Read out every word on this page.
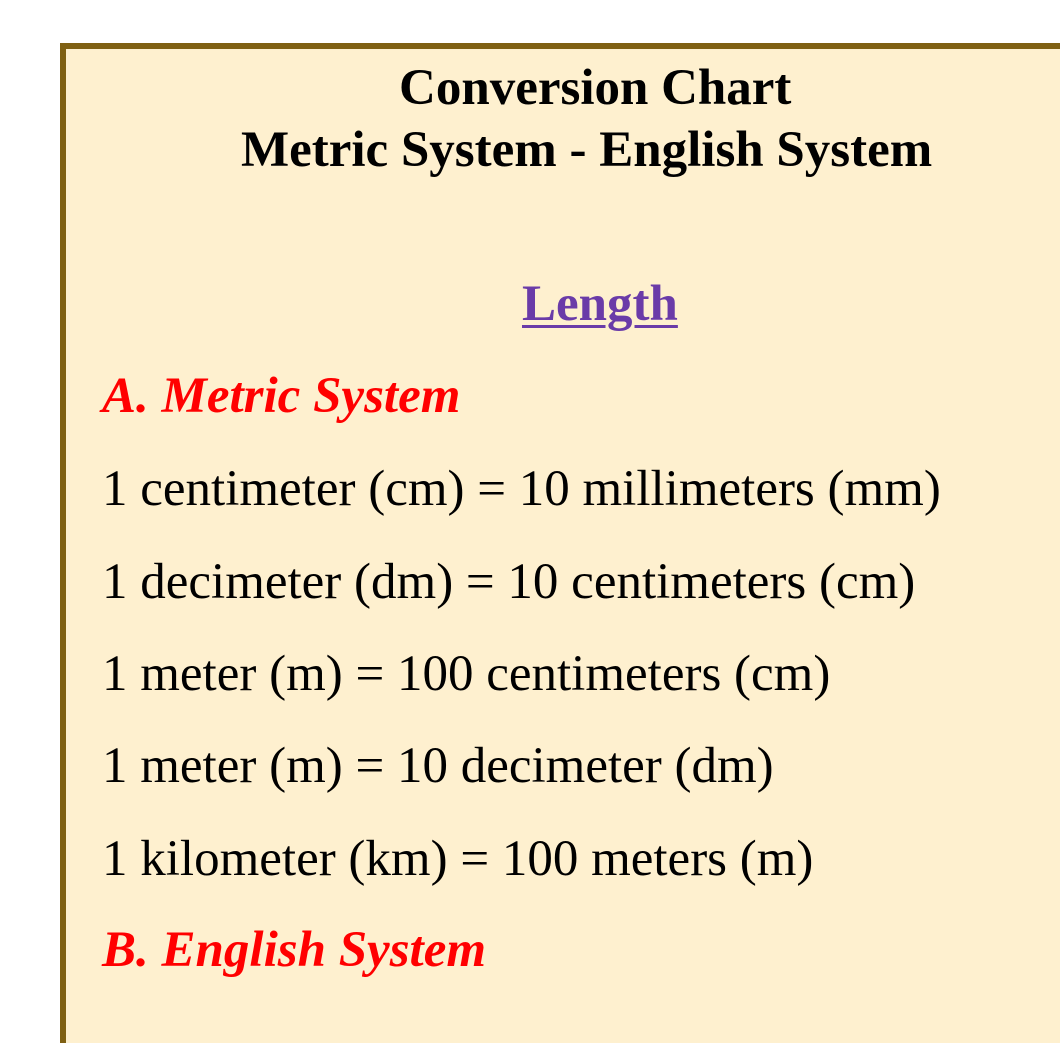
Conversion Chart
Metric System - English System
Length
A. Metric System
1 centimeter (cm) = 10 millimeters (mm)
1 decimeter (dm) = 10 centimeters (cm)
1 meter (m) = 100 centimeters (cm)
1 meter (m) = 10 decimeter (dm)
1 kilometer (km) = 100 meters (m)
B. English System
